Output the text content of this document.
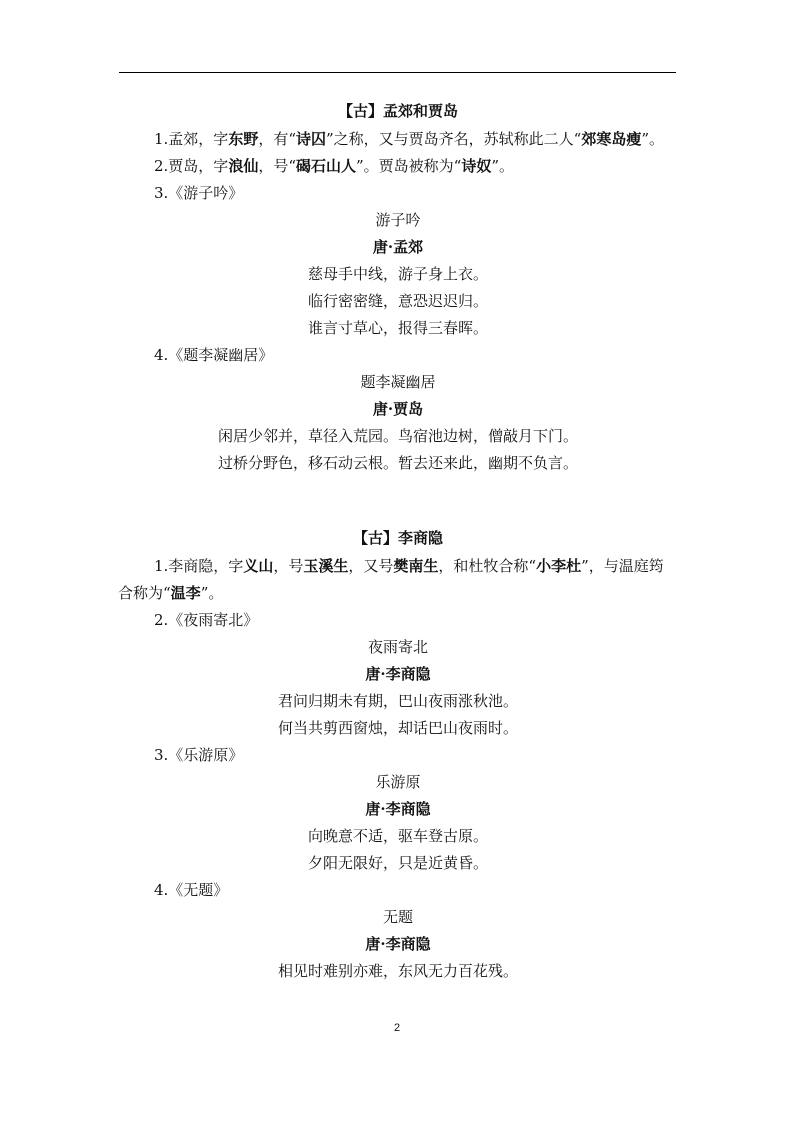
【古】孟郊和贾岛

1.孟郊，字东野，有“诗囚”之称，又与贾岛齐名，苏轼称此二人“郊寒岛瘦”。

2.贾岛，字浪仙，号“碣石山人”。贾岛被称为“诗奴”。

3.《游子吟》

游子吟
唐·孟郊
慈母手中线，游子身上衣。
临行密密缝，意恐迟迟归。
谁言寸草心，报得三春晖。

4.《题李凝幽居》

题李凝幽居
唐·贾岛
闲居少邻并，草径入荒园。鸟宿池边树，僧敲月下门。
过桥分野色，移石动云根。暂去还来此，幽期不负言。
【古】李商隐

1.李商隐，字义山，号玉溪生，又号樊南生，和杜牧合称“小李杜”，与温庭筠合称为“温李”。

2.《夜雨寄北》

夜雨寄北
唐·李商隐
君问归期未有期，巴山夜雨涨秋池。
何当共剪西窗烛，却话巴山夜雨时。

3.《乐游原》

乐游原
唐·李商隐
向晚意不适，驱车登古原。
夕阳无限好，只是近黄昏。

4.《无题》

无题
唐·李商隐
相见时难别亦难，东风无力百花残。
2
